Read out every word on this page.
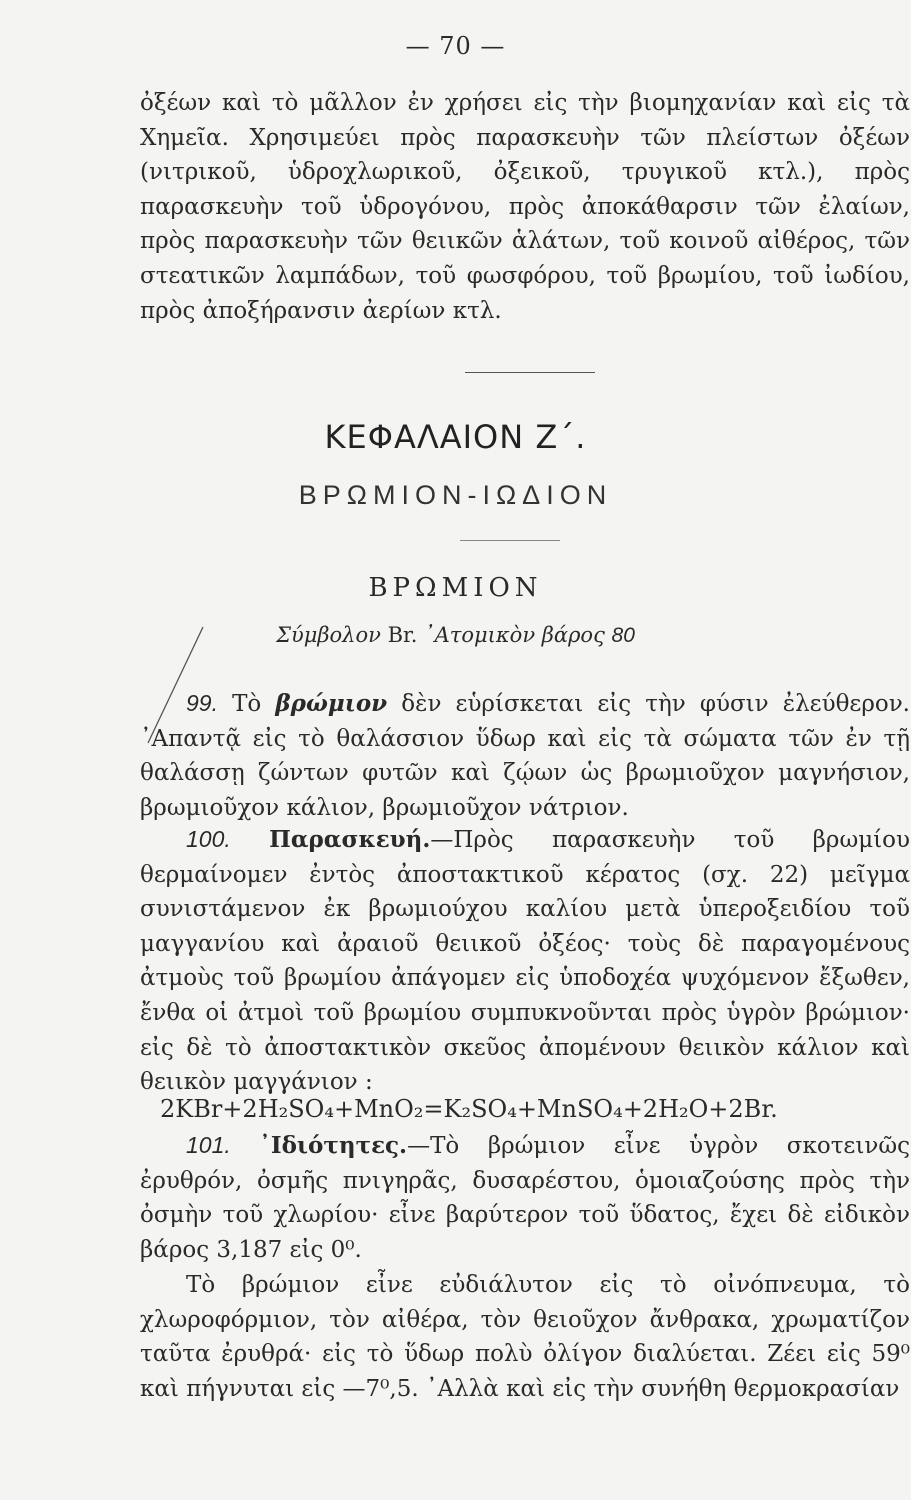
— 70 —

ὀξέων καὶ τὸ μᾶλλον ἐν χρήσει εἰς τὴν βιομηχανίαν καὶ εἰς τὰ Χημεῖα. Χρησιμεύει πρὸς παρασκευὴν τῶν πλείστων ὀξέων (νιτρικοῦ, ὑδροχλωρικοῦ, ὀξεικοῦ, τρυγικοῦ κτλ.), πρὸς παρασκευὴν τοῦ ὑδρογόνου, πρὸς ἀποκάθαρσιν τῶν ἐλαίων, πρὸς παρασκευὴν τῶν θειικῶν ἁλάτων, τοῦ κοινοῦ αἰθέρος, τῶν στεατικῶν λαμπάδων, τοῦ φωσφόρου, τοῦ βρωμίου, τοῦ ἰωδίου, πρὸς ἀποξήρανσιν ἀερίων κτλ.

ΚΕΦΑΛΑΙΟΝ Ζ΄.
ΒΡΩΜΙΟΝ-ΙΩΔΙΟΝ
ΒΡΩΜΙΟΝ
Σύμβολον Br. ᾿Ατομικὸν βάρος 80

99. Τὸ βρώμιον δὲν εὑρίσκεται εἰς τὴν φύσιν ἐλεύθερον. ᾿Απαντᾷ εἰς τὸ θαλάσσιον ὕδωρ καὶ εἰς τὰ σώματα τῶν ἐν τῇ θαλάσσῃ ζώντων φυτῶν καὶ ζῴων ὡς βρωμιοῦχον μαγνήσιον, βρωμιοῦχον κάλιον, βρωμιοῦχον νάτριον.

100. Παρασκευή.—Πρὸς παρασκευὴν τοῦ βρωμίου θερμαίνομεν ἐντὸς ἀποστακτικοῦ κέρατος (σχ. 22) μεῖγμα συνιστάμενον ἐκ βρωμιούχου καλίου μετὰ ὑπεροξειδίου τοῦ μαγγανίου καὶ ἀραιοῦ θειικοῦ ὀξέος· τοὺς δὲ παραγομένους ἀτμοὺς τοῦ βρωμίου ἀπάγομεν εἰς ὑποδοχέα ψυχόμενον ἔξωθεν, ἔνθα οἱ ἀτμοὶ τοῦ βρωμίου συμπυκνοῦνται πρὸς ὑγρὸν βρώμιον· εἰς δὲ τὸ ἀποστακτικὸν σκεῦος ἀπομένουν θειικὸν κάλιον καὶ θειικὸν μαγγάνιον :

2KBr+2H₂SO₄+MnO₂=K₂SO₄+MnSO₄+2H₂O+2Br.

101. ᾿Ιδιότητες.—Τὸ βρώμιον εἶνε ὑγρὸν σκοτεινῶς ἐρυθρόν, ὀσμῆς πνιγηρᾶς, δυσαρέστου, ὁμοιαζούσης πρὸς τὴν ὀσμὴν τοῦ χλωρίου· εἶνε βαρύτερον τοῦ ὕδατος, ἔχει δὲ εἰδικὸν βάρος 3,187 εἰς 0⁰.

Τὸ βρώμιον εἶνε εὐδιάλυτον εἰς τὸ οἰνόπνευμα, τὸ χλωροφόρμιον, τὸν αἰθέρα, τὸν θειοῦχον ἄνθρακα, χρωματίζον ταῦτα ἐρυθρά· εἰς τὸ ὕδωρ πολὺ ὀλίγον διαλύεται. Ζέει εἰς 59⁰ καὶ πήγνυται εἰς —7⁰,5. ᾿Αλλὰ καὶ εἰς τὴν συνήθη θερμοκρασίαν
